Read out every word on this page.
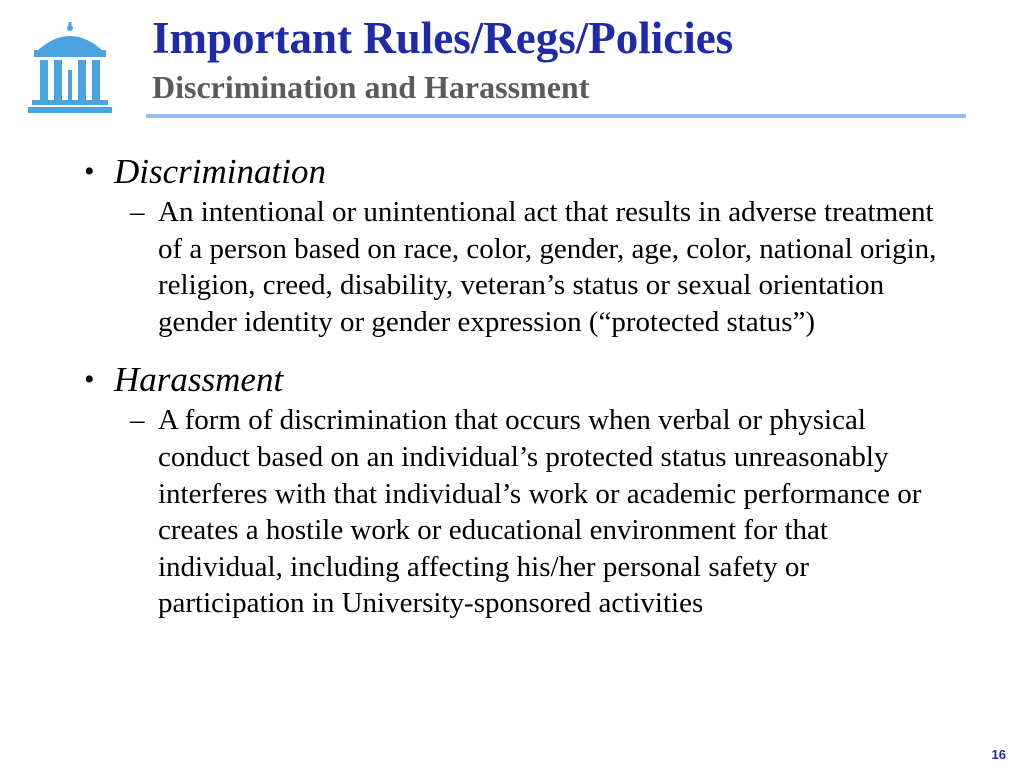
Important Rules/Regs/Policies
Discrimination and Harassment
• Discrimination
– An intentional or unintentional act that results in adverse treatment of a person based on race, color, gender, age, color, national origin, religion, creed, disability, veteran’s status or sexual orientation gender identity or gender expression (“protected status”)
• Harassment
– A form of discrimination that occurs when verbal or physical conduct based on an individual’s protected status unreasonably interferes with that individual’s work or academic performance or creates a hostile work or educational environment for that individual, including affecting his/her personal safety or participation in University-sponsored activities
16
